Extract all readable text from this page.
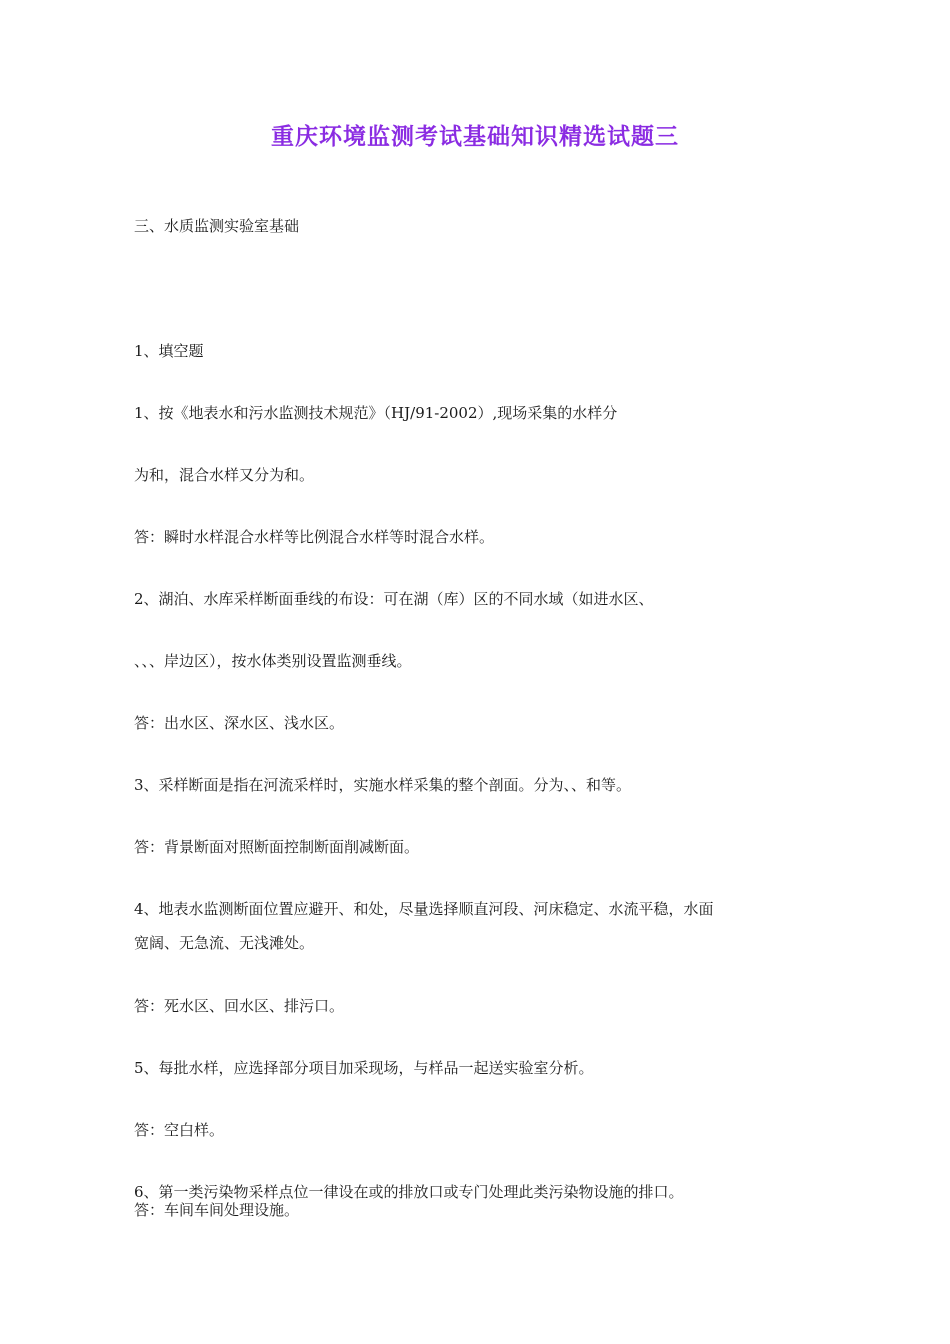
重庆环境监测考试基础知识精选试题三
三、水质监测实验室基础
1、填空题
1、按《地表水和污水监测技术规范》（HJ/91-2002）,现场采集的水样分
为和，混合水样又分为和。
答：瞬时水样混合水样等比例混合水样等时混合水样。
2、湖泊、水库采样断面垂线的布设：可在湖（库）区的不同水域（如进水区、
、、、岸边区），按水体类别设置监测垂线。
答：出水区、深水区、浅水区。
3、采样断面是指在河流采样时，实施水样采集的整个剖面。分为、、和等。
答：背景断面对照断面控制断面削减断面。
4、地表水监测断面位置应避开、和处，尽量选择顺直河段、河床稳定、水流平稳，水面
宽阔、无急流、无浅滩处。
答：死水区、回水区、排污口。
5、每批水样，应选择部分项目加采现场，与样品一起送实验室分析。
答：空白样。
6、第一类污染物采样点位一律设在或的排放口或专门处理此类污染物设施的排口。
答：车间车间处理设施。
